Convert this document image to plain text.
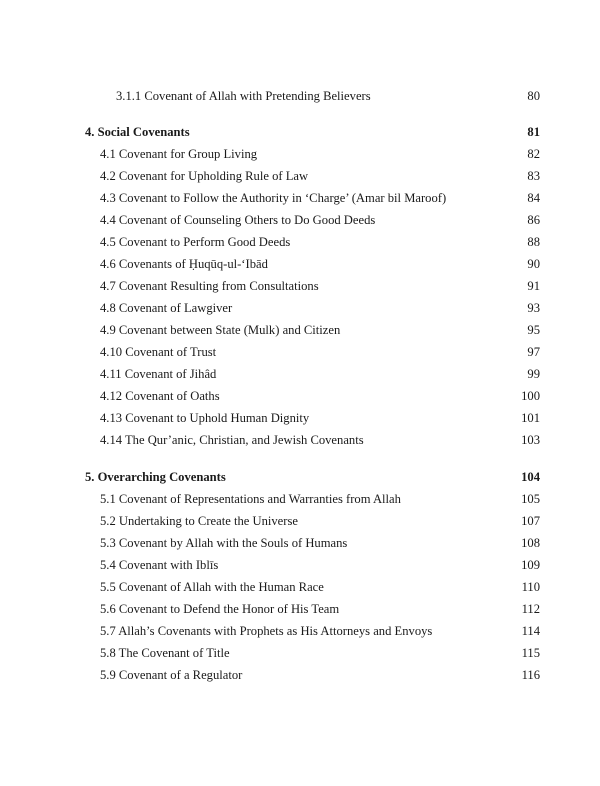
3.1.1 Covenant of Allah with Pretending Believers	80
4. Social Covenants	81
4.1 Covenant for Group Living	82
4.2 Covenant for Upholding Rule of Law	83
4.3 Covenant to Follow the Authority in ‘Charge’ (Amar bil Maroof)	84
4.4 Covenant of Counseling Others to Do Good Deeds	86
4.5 Covenant to Perform Good Deeds	88
4.6 Covenants of Ḥuqūq-ul-‘Ibād	90
4.7 Covenant Resulting from Consultations	91
4.8 Covenant of Lawgiver	93
4.9 Covenant between State (Mulk) and Citizen	95
4.10 Covenant of Trust	97
4.11 Covenant of Jihâd	99
4.12 Covenant of Oaths	100
4.13 Covenant to Uphold Human Dignity	101
4.14 The Qur’anic, Christian, and Jewish Covenants	103
5. Overarching Covenants	104
5.1 Covenant of Representations and Warranties from Allah	105
5.2 Undertaking to Create the Universe	107
5.3 Covenant by Allah with the Souls of Humans	108
5.4 Covenant with Iblīs	109
5.5 Covenant of Allah with the Human Race	110
5.6 Covenant to Defend the Honor of His Team	112
5.7 Allah’s Covenants with Prophets as His Attorneys and Envoys	114
5.8 The Covenant of Title	115
5.9 Covenant of a Regulator	116
